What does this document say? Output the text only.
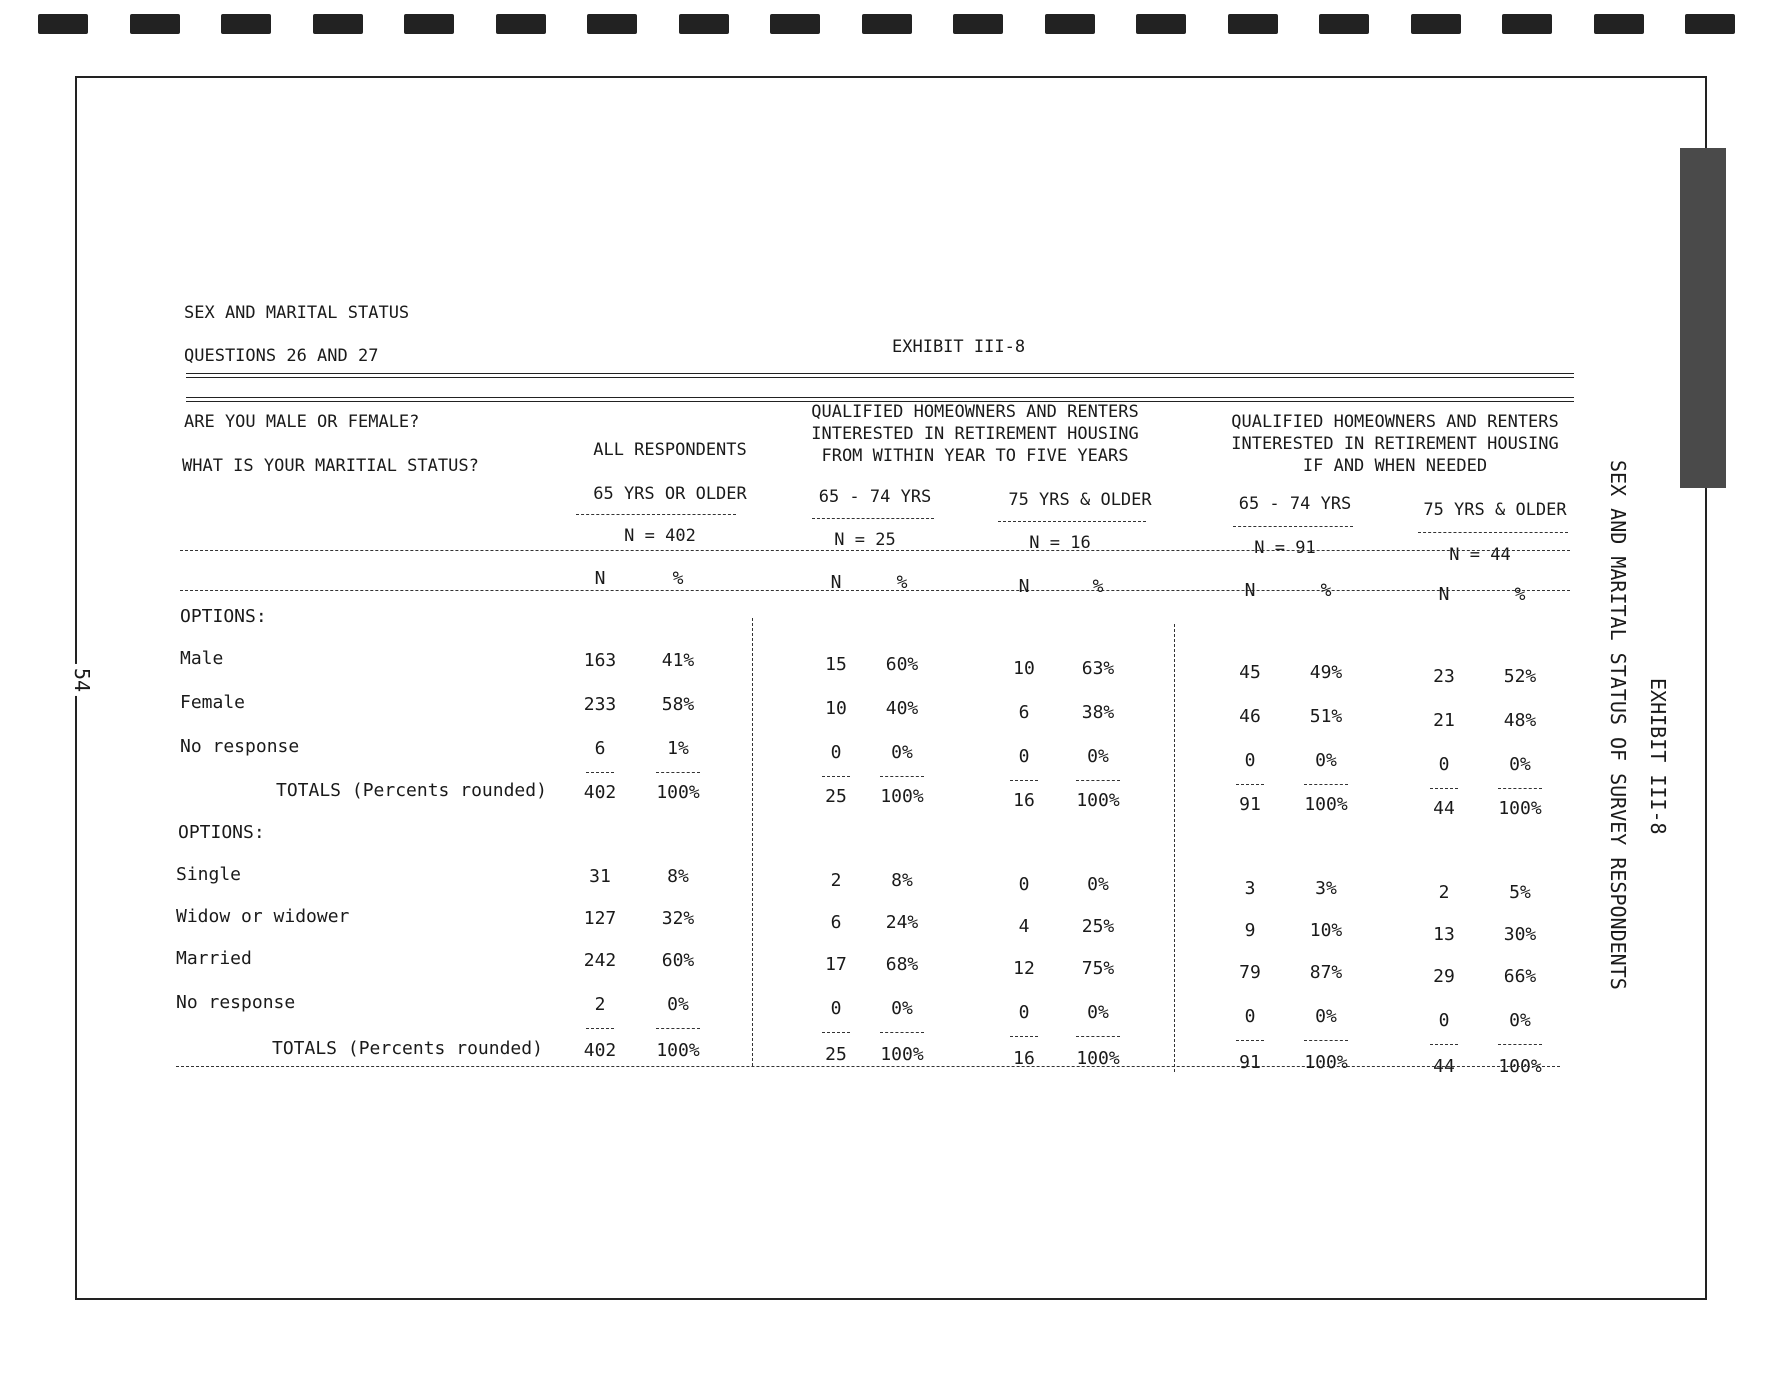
54	EXHIBIT III-8
SEX AND MARITAL STATUS OF SURVEY RESPONDENTS
SEX AND MARITAL STATUS
QUESTIONS 26 AND 27	EXHIBIT III-8
ARE YOU MALE OR FEMALE?
WHAT IS YOUR MARITIAL STATUS?
ALL RESPONDENTS
65 YRS OR OLDER
N = 402
QUALIFIED HOMEOWNERS AND RENTERS
INTERESTED IN RETIREMENT HOUSING
FROM WITHIN YEAR TO FIVE YEARS
65 - 74 YRS
N = 25
75 YRS & OLDER
N = 16
QUALIFIED HOMEOWNERS AND RENTERS
INTERESTED IN RETIREMENT HOUSING
IF AND WHEN NEEDED
65 - 74 YRS
N = 91
75 YRS & OLDER
N = 44
N	%	N	%	N	%	N	%	N	%
OPTIONS:
OPTIONS:
Male	163	41%	15	60%	10	63%	45	49%	23	52%
Female	233	58%	10	40%	6	38%	46	51%	21	48%
No response	6	1%	0	0%	0	0%	0	0%	0	0%
TOTALS (Percents rounded)	402	100%	25	100%	16	100%	91	100%	44	100%
Single	31	8%	2	8%	0	0%	3	3%	2	5%
Widow or widower	127	32%	6	24%	4	25%	9	10%	13	30%
Married	242	60%	17	68%	12	75%	79	87%	29	66%
No response	2	0%	0	0%	0	0%	0	0%	0	0%
TOTALS (Percents rounded)	402	100%	25	100%	16	100%	91	100%	44	100%
